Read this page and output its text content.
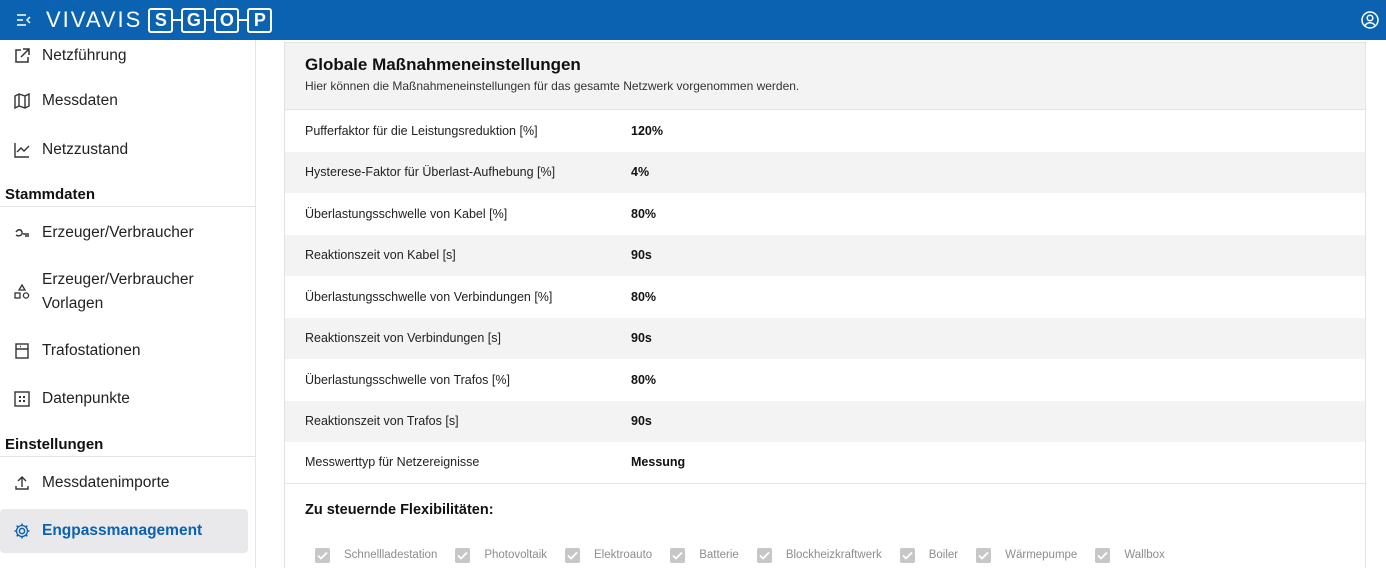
VIVAVIS S	G	O	P
Netzführung
Messdaten
Netzzustand
Stammdaten
Erzeuger/Verbraucher
Erzeuger/Verbraucher
Vorlagen
Trafostationen
Datenpunkte
Einstellungen
Messdatenimporte
Engpassmanagement
Globale Maßnahmeneinstellungen
Hier können die Maßnahmeneinstellungen für das gesamte Netzwerk vorgenommen werden.
Pufferfaktor für die Leistungsreduktion [%]	120%
Hysterese-Faktor für Überlast-Aufhebung [%]	4%
Überlastungsschwelle von Kabel [%]	80%
Reaktionszeit von Kabel [s]	90s
Überlastungsschwelle von Verbindungen [%]	80%
Reaktionszeit von Verbindungen [s]	90s
Überlastungsschwelle von Trafos [%]	80%
Reaktionszeit von Trafos [s]	90s
Messwerttyp für Netzereignisse	Messung
Zu steuernde Flexibilitäten:
Schnellladestation	Photovoltaik	Elektroauto	Batterie	Blockheizkraftwerk	Boiler	Wärmepumpe	Wallbox
